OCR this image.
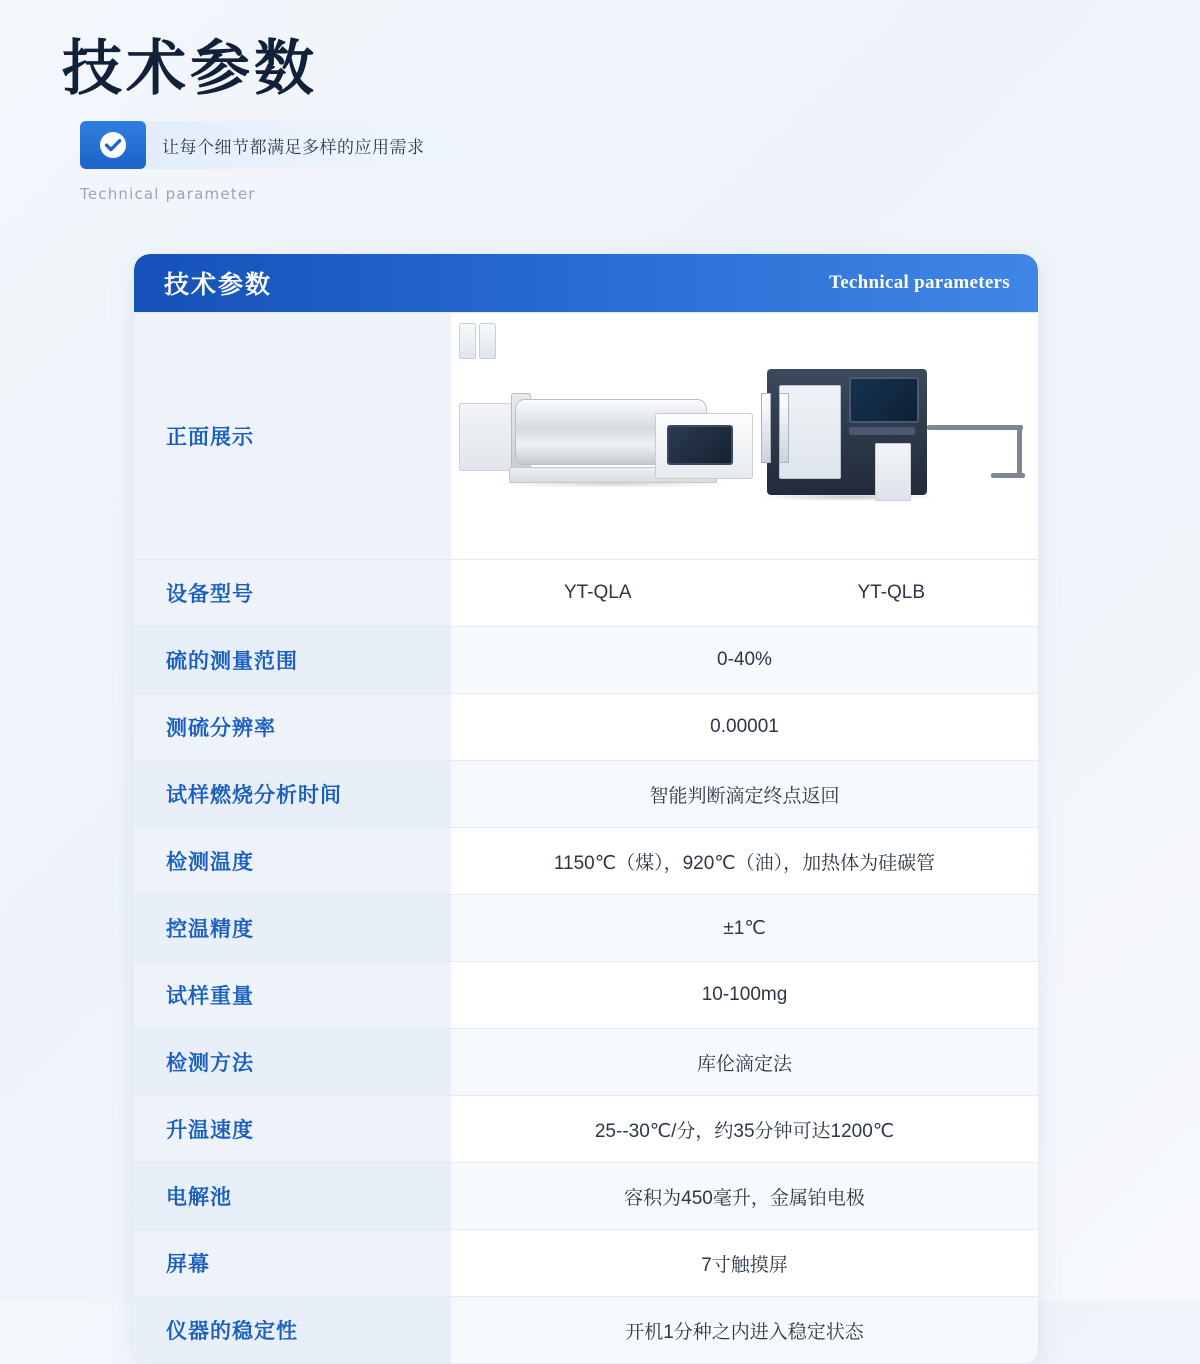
技术参数
让每个细节都满足多样的应用需求
Technical parameter
技术参数	Technical parameters
正面展示	

设备型号	YT-QLA	YT-QLB
硫的测量范围	0-40%	
测硫分辨率	0.00001	
试样燃烧分析时间	智能判断滴定终点返回	
检测温度	1150℃（煤），920℃（油），加热体为硅碳管	
控温精度	±1℃	
试样重量	10-100mg	
检测方法	库伦滴定法	
升温速度	25--30℃/分，约35分钟可达1200℃	
电解池	容积为450毫升，金属铂电极	
屏幕	7寸触摸屏	
仪器的稳定性	开机1分种之内进入稳定状态	
